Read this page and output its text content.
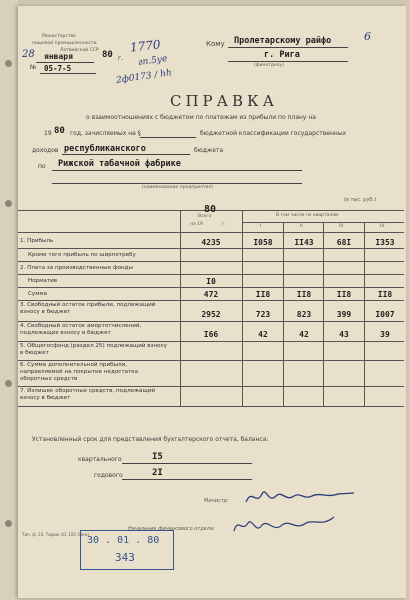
Министерство
пищевой промышленности
Латвийской ССР
28 января	80 г.
№ 05-7-5
1770
гп.5уе
2ф0173 / hh
Кому Пролетарскому райфо	6
г. Рига
(финотделу)
СПРАВКА
о взаимоотношениях с бюджетом по платежам из прибыли по плану на
19 80 год, зачисляемых на §	бюджетной классификации государственных
доходов республиканского	бюджета
по Рижской табачной фабрике
(наименование предприятия)
(в тыс. руб.)
Всего
на 19
80
г.
В том числе по кварталам
I	II	III	IV
1. Прибыль	4235	I058	II43	68I	I353
Кроме того прибыль по ширпотребу
2. Плата за производственные фонды
Норматив	I0
Сумма	472	II8	II8	II8	II8
3. Свободный остаток прибыли, подлежащий взносу в бюджет	2952	723	823	399	I007
4. Свободный остаток амортотчислений, подлежащих взносу в бюджет	I66	42	42	43	39
5. Общегосфонд (раздел 25) подлежащий взносу в бюджет
6. Сумма дополнительной прибыли, направляемой на покрытие недостатка оборотных средств
7. Излишек оборотных средств, подлежащий взносу в бюджет
Установленный срок для представления бухгалтерского отчета, баланса:
квартального	I5
годового	2I
Министр:
Начальник финансового отдела:
Тип. ф. 10. Тираж 10. 100 Заказ
30 . 01 . 80
343
